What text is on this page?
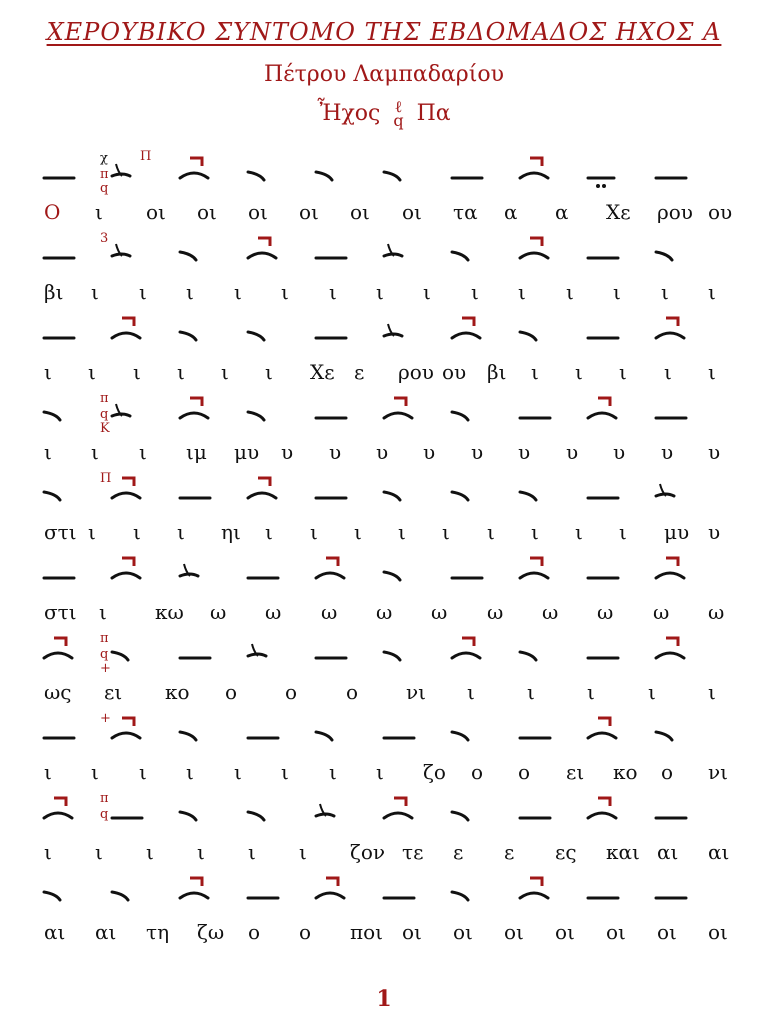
ΧΕΡΟΥΒΙΚΟ ΣΥΝΤΟΜΟ ΤΗΣ ΕΒΔΟΜΑΔΟΣ ΗΧΟΣ Α
Πέτρου Λαμπαδαρίου
Ἦχος ℓ
q Πα
χ
π
q
Π
Ο ι οι οι οι οι οι οι τα α α Χε ρου ου
3
βι ι ι ι ι ι ι ι ι ι ι ι ι ι ι
ι ι ι ι ι ι Χε ε ρου ου βι ι ι ι ι ι
π
q
Κ
ι ι ι ιμ μυ υ υ υ υ υ υ υ υ υ υ
Π
στι ι ι ι ηι ι ι ι ι ι ι ι ι ι μυ υ
στι ι κω ω ω ω ω ω ω ω ω ω ω
π
q
+
ως ει κο ο ο ο νι ι	ι	ι	ι	ι
+
ι ι ι ι ι ι ι ι ζο ο ο ει κο ο νι
π
q
ι ι ι ι ι ι ζον τε ε ε ες και αι αι
αι αι τη ζω ο ο ποι οι οι οι οι οι οι οι
1
